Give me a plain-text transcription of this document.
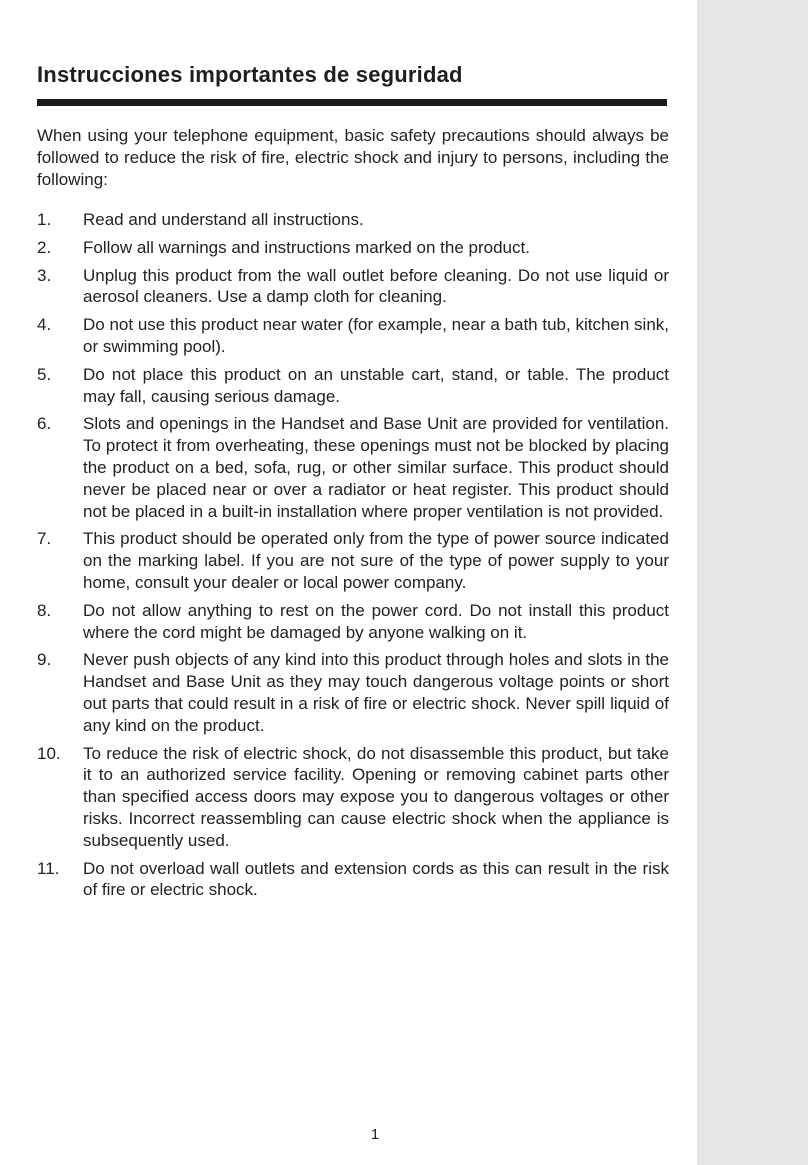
Instrucciones importantes de seguridad

When using your telephone equipment, basic safety precautions should always be followed to reduce the risk of fire, electric shock and injury to persons, including the following:

1. Read and understand all instructions.
2. Follow all warnings and instructions marked on the product.
3. Unplug this product from the wall outlet before cleaning. Do not use liquid or aerosol cleaners. Use a damp cloth for cleaning.
4. Do not use this product near water (for example, near a bath tub, kitchen sink, or swimming pool).
5. Do not place this product on an unstable cart, stand, or table. The product may fall, causing serious damage.
6. Slots and openings in the Handset and Base Unit are provided for ventilation. To protect it from overheating, these openings must not be blocked by placing the product on a bed, sofa, rug, or other similar surface. This product should never be placed near or over a radiator or heat register. This product should not be placed in a built-in installation where proper ventilation is not provided.
7. This product should be operated only from the type of power source indicated on the marking label. If you are not sure of the type of power supply to your home, consult your dealer or local power company.
8. Do not allow anything to rest on the power cord. Do not install this product where the cord might be damaged by anyone walking on it.
9. Never push objects of any kind into this product through holes and slots in the Handset and Base Unit as they may touch dangerous voltage points or short out parts that could result in a risk of fire or electric shock. Never spill liquid of any kind on the product.
10. To reduce the risk of electric shock, do not disassemble this product, but take it to an authorized service facility. Opening or removing cabinet parts other than specified access doors may expose you to dangerous voltages or other risks. Incorrect reassembling can cause electric shock when the appliance is subsequently used.
11. Do not overload wall outlets and extension cords as this can result in the risk of fire or electric shock.
1
